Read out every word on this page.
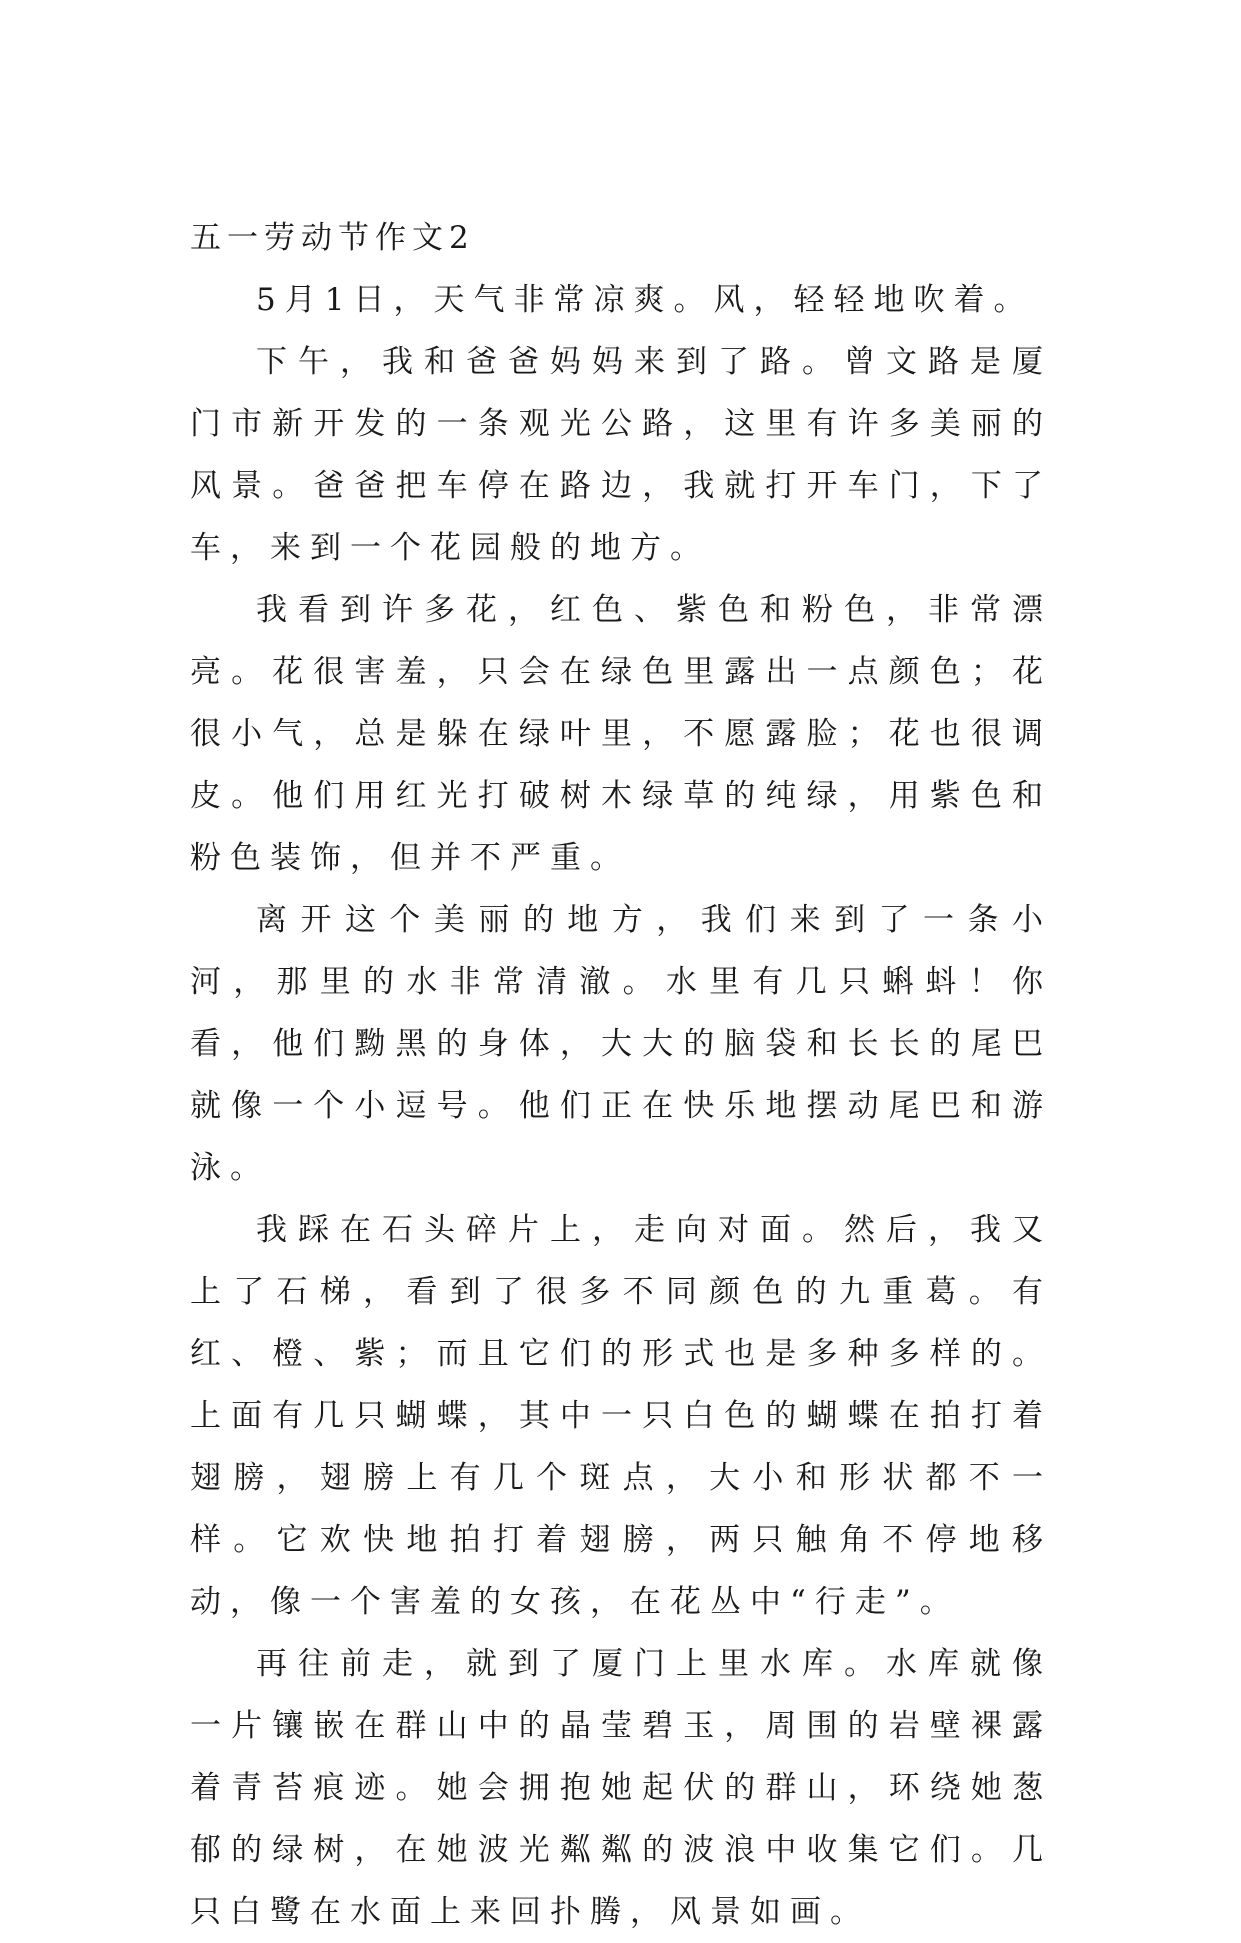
五一劳动节作文2

5月1日，天气非常凉爽。风，轻轻地吹着。

下午，我和爸爸妈妈来到了路。曾文路是厦门市新开发的一条观光公路，这里有许多美丽的风景。爸爸把车停在路边，我就打开车门，下了车，来到一个花园般的地方。

我看到许多花，红色、紫色和粉色，非常漂亮。花很害羞，只会在绿色里露出一点颜色；花很小气，总是躲在绿叶里，不愿露脸；花也很调皮。他们用红光打破树木绿草的纯绿，用紫色和粉色装饰，但并不严重。

离开这个美丽的地方，我们来到了一条小河，那里的水非常清澈。水里有几只蝌蚪！你看，他们黝黑的身体，大大的脑袋和长长的尾巴就像一个小逗号。他们正在快乐地摆动尾巴和游泳。

我踩在石头碎片上，走向对面。然后，我又上了石梯，看到了很多不同颜色的九重葛。有红、橙、紫；而且它们的形式也是多种多样的。上面有几只蝴蝶，其中一只白色的蝴蝶在拍打着翅膀，翅膀上有几个斑点，大小和形状都不一样。它欢快地拍打着翅膀，两只触角不停地移动，像一个害羞的女孩，在花丛中“行走”。

再往前走，就到了厦门上里水库。水库就像一片镶嵌在群山中的晶莹碧玉，周围的岩壁裸露着青苔痕迹。她会拥抱她起伏的群山，环绕她葱郁的绿树，在她波光粼粼的波浪中收集它们。几只白鹭在水面上来回扑腾，风景如画。
